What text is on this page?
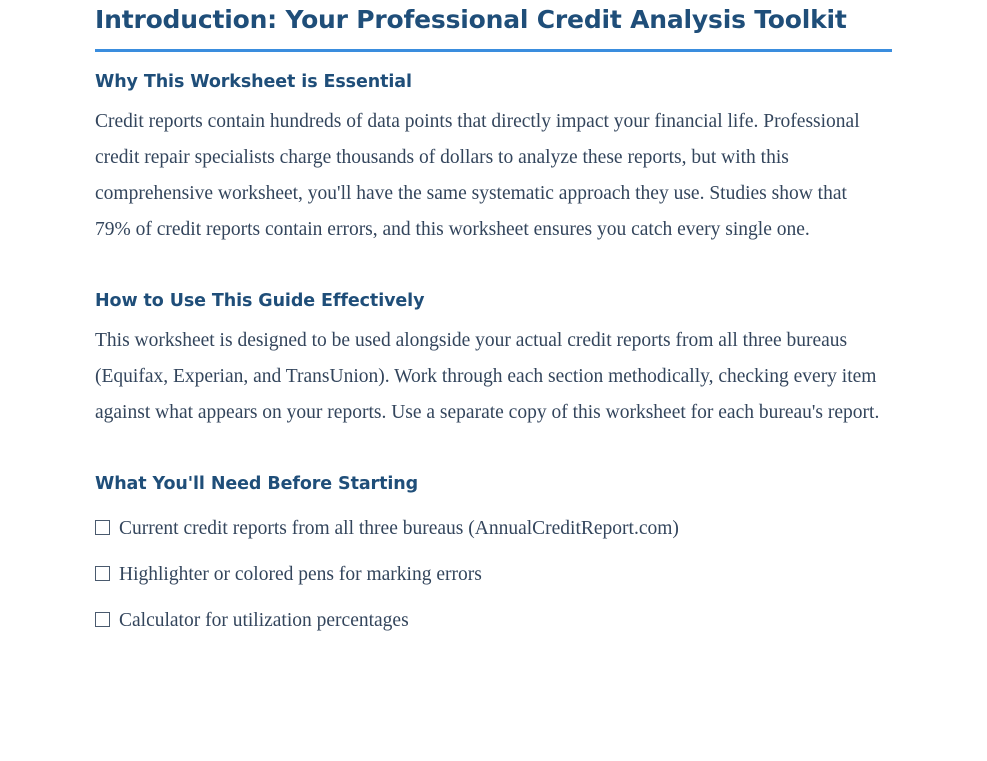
Introduction: Your Professional Credit Analysis Toolkit
Why This Worksheet is Essential

Credit reports contain hundreds of data points that directly impact your financial life. Professional credit repair specialists charge thousands of dollars to analyze these reports, but with this comprehensive worksheet, you'll have the same systematic approach they use. Studies show that 79% of credit reports contain errors, and this worksheet ensures you catch every single one.

How to Use This Guide Effectively

This worksheet is designed to be used alongside your actual credit reports from all three bureaus (Equifax, Experian, and TransUnion). Work through each section methodically, checking every item against what appears on your reports. Use a separate copy of this worksheet for each bureau's report.

What You'll Need Before Starting
Current credit reports from all three bureaus (AnnualCreditReport.com)
Highlighter or colored pens for marking errors
Calculator for utilization percentages
